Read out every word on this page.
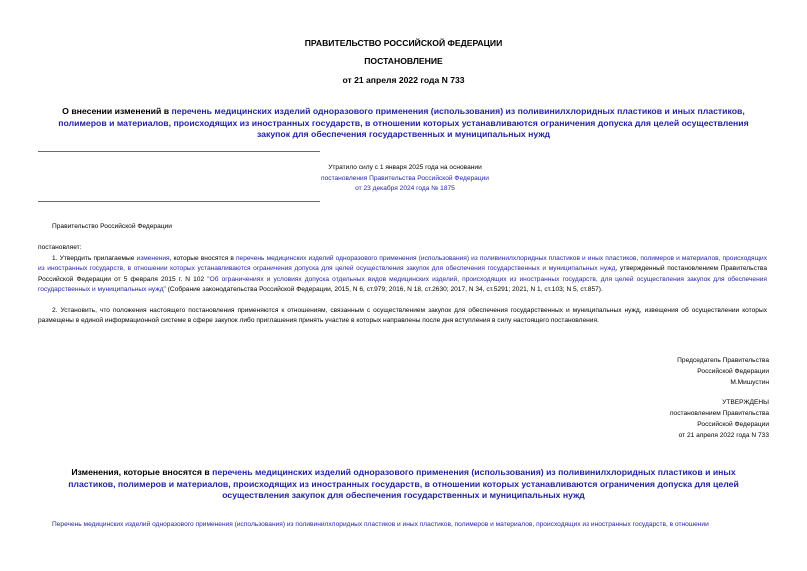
ПРАВИТЕЛЬСТВО РОССИЙСКОЙ ФЕДЕРАЦИИ
ПОСТАНОВЛЕНИЕ
от 21 апреля 2022 года N 733
О внесении изменений в перечень медицинских изделий одноразового применения (использования) из поливинилхлоридных пластиков и иных пластиков, полимеров и материалов, происходящих из иностранных государств, в отношении которых устанавливаются ограничения допуска для целей осуществления закупок для обеспечения государственных и муниципальных нужд
Утратило силу с 1 января 2025 года на основании
постановления Правительства Российской Федерации
от 23 декабря 2024 года № 1875

Правительство Российской Федерации

постановляет:

1. Утвердить прилагаемые изменения, которые вносятся в перечень медицинских изделий одноразового применения (использования) из поливинилхлоридных пластиков и иных пластиков, полимеров и материалов, происходящих из иностранных государств, в отношении которых устанавливаются ограничения допуска для целей осуществления закупок для обеспечения государственных и муниципальных нужд, утвержденный постановлением Правительства Российской Федерации от 5 февраля 2015 г. N 102 "Об ограничениях и условиях допуска отдельных видов медицинских изделий, происходящих из иностранных государств, для целей осуществления закупок для обеспечения государственных и муниципальных нужд" (Собрание законодательства Российской Федерации, 2015, N 6, ст.979; 2016, N 18, ст.2630; 2017, N 34, ст.5291; 2021, N 1, ст.103; N 5, ст.857).

2. Установить, что положения настоящего постановления применяются к отношениям, связанным с осуществлением закупок для обеспечения государственных и муниципальных нужд, извещения об осуществлении которых размещены в единой информационной системе в сфере закупок либо приглашения принять участие в которых направлены после дня вступления в силу настоящего постановления.

Председатель Правительства
Российской Федерации
М.Мишустин
УТВЕРЖДЕНЫ
постановлением Правительства
Российской Федерации
от 21 апреля 2022 года N 733
Изменения, которые вносятся в перечень медицинских изделий одноразового применения (использования) из поливинилхлоридных пластиков и иных пластиков, полимеров и материалов, происходящих из иностранных государств, в отношении которых устанавливаются ограничения допуска для целей осуществления закупок для обеспечения государственных и муниципальных нужд

Перечень медицинских изделий одноразового применения (использования) из поливинилхлоридных пластиков и иных пластиков, полимеров и материалов, происходящих из иностранных государств, в отношении
